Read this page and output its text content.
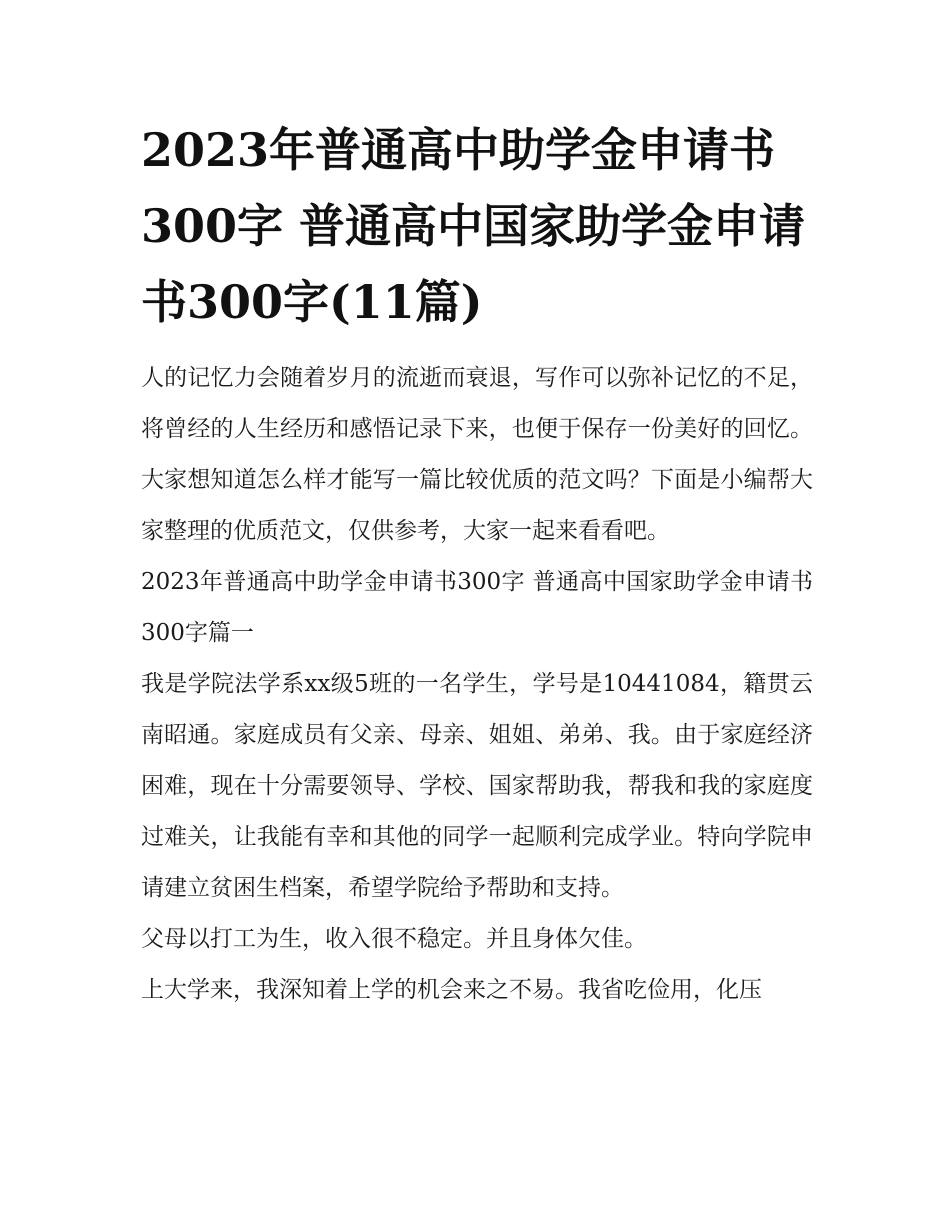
2023年普通高中助学金申请书300字 普通高中国家助学金申请书300字(11篇)

人的记忆力会随着岁月的流逝而衰退，写作可以弥补记忆的不足，将曾经的人生经历和感悟记录下来，也便于保存一份美好的回忆。大家想知道怎么样才能写一篇比较优质的范文吗？下面是小编帮大家整理的优质范文，仅供参考，大家一起来看看吧。

2023年普通高中助学金申请书300字 普通高中国家助学金申请书300字篇一

我是学院法学系xx级5班的一名学生，学号是10441084，籍贯云南昭通。家庭成员有父亲、母亲、姐姐、弟弟、我。由于家庭经济困难，现在十分需要领导、学校、国家帮助我，帮我和我的家庭度过难关，让我能有幸和其他的同学一起顺利完成学业。特向学院申请建立贫困生档案，希望学院给予帮助和支持。

父母以打工为生，收入很不稳定。并且身体欠佳。

上大学来，我深知着上学的机会来之不易。我省吃俭用，化压
